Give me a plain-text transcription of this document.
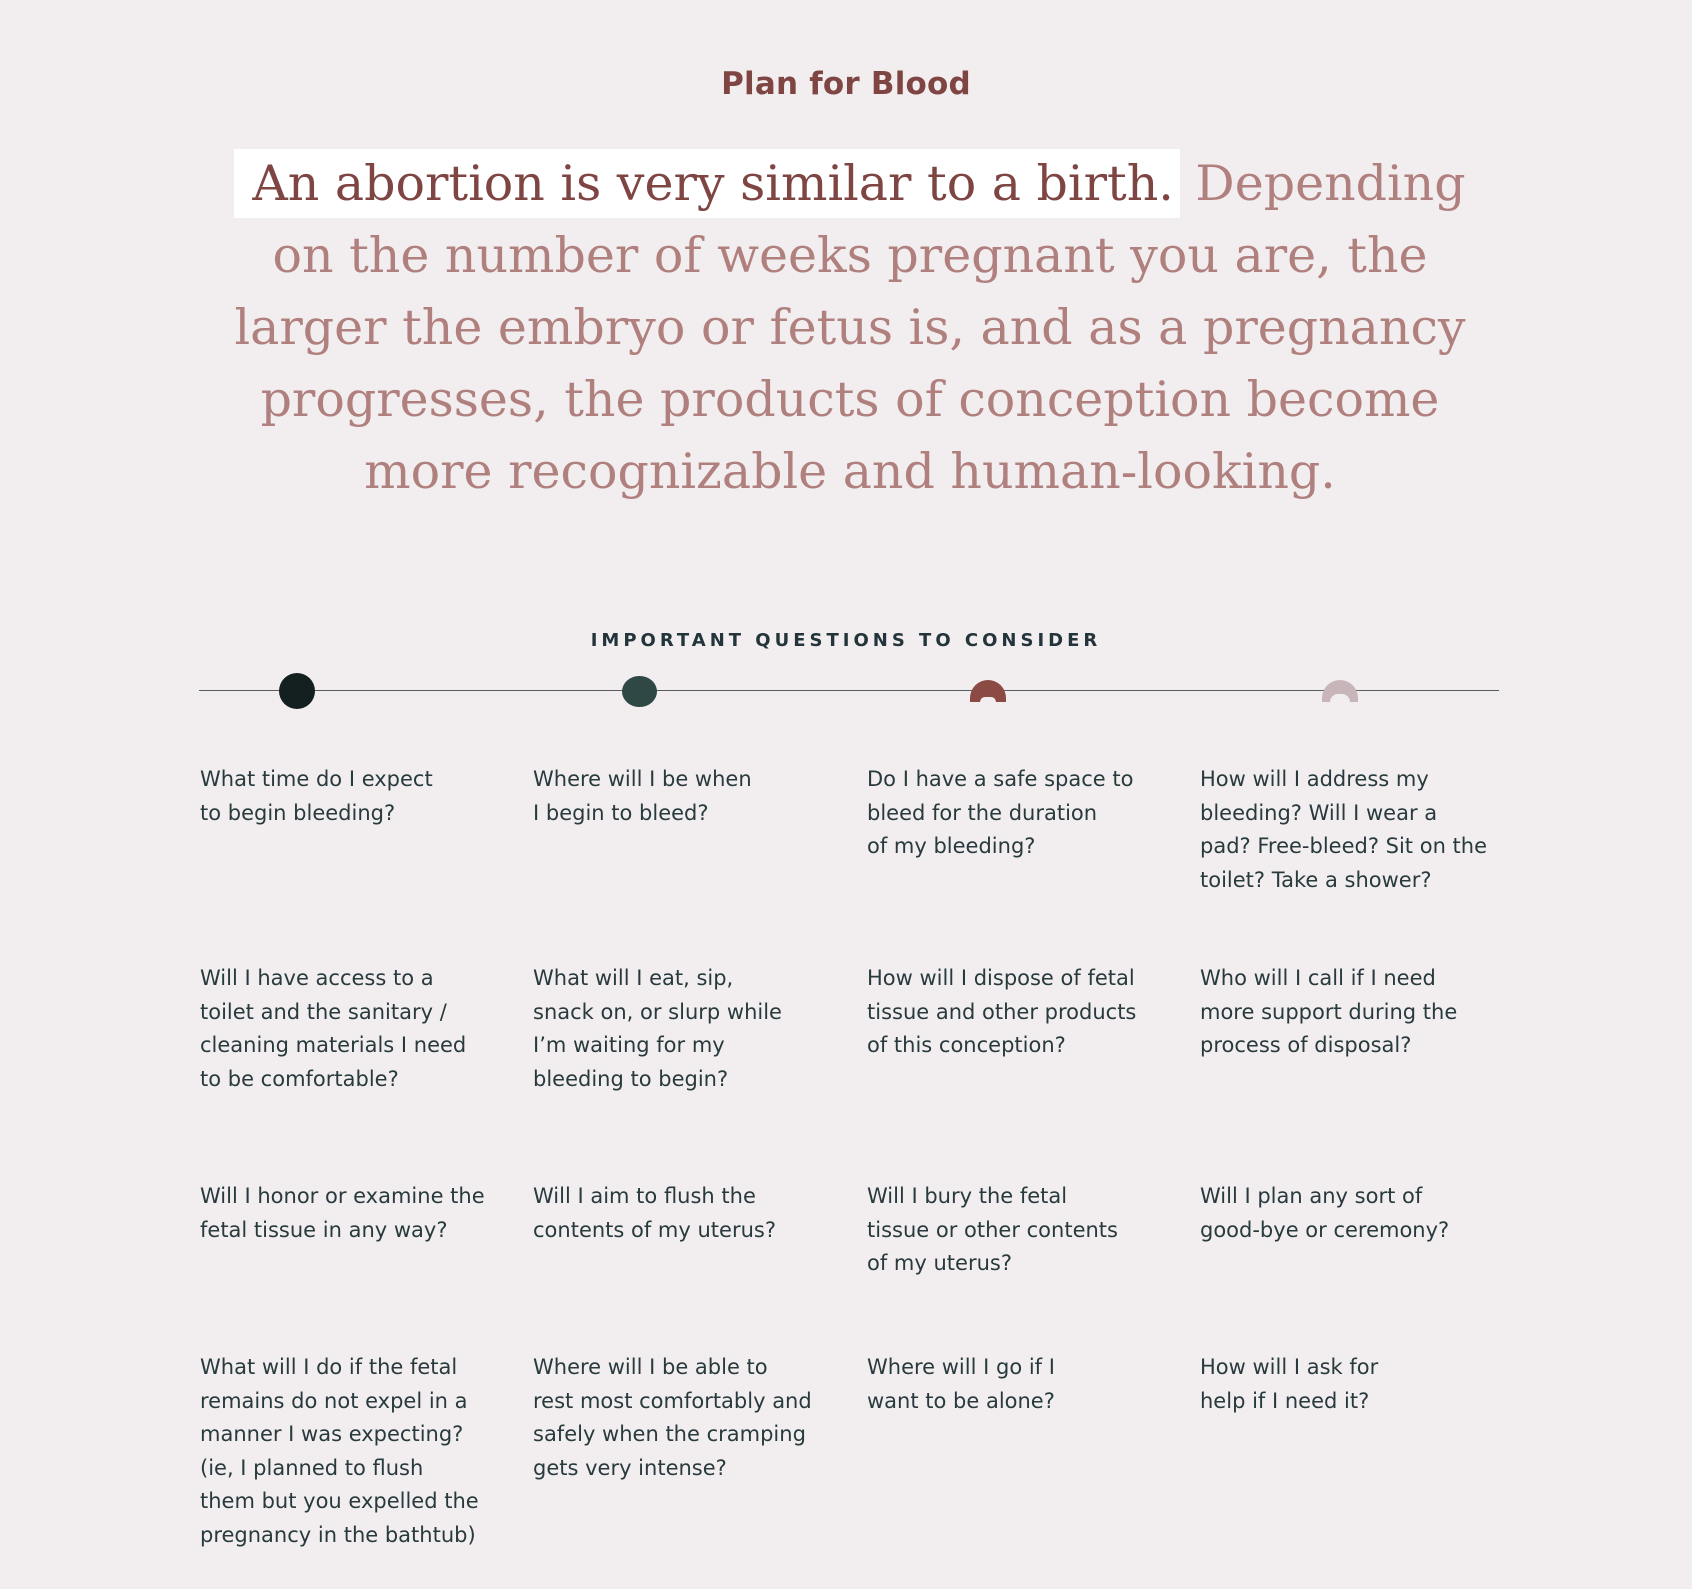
Plan for Blood

An abortion is very similar to a birth. Depending on the number of weeks pregnant you are, the larger the embryo or fetus is, and as a pregnancy progresses, the products of conception become more recognizable and human-looking.

IMPORTANT QUESTIONS TO CONSIDER

What time do I expect
to begin bleeding?

Where will I be when
I begin to bleed?

Do I have a safe space to
bleed for the duration
of my bleeding?

How will I address my
bleeding? Will I wear a
pad? Free-bleed? Sit on the
toilet? Take a shower?

Will I have access to a
toilet and the sanitary /
cleaning materials I need
to be comfortable?

What will I eat, sip,
snack on, or slurp while
I’m waiting for my
bleeding to begin?

How will I dispose of fetal
tissue and other products
of this conception?

Who will I call if I need
more support during the
process of disposal?

Will I honor or examine the
fetal tissue in any way?

Will I aim to flush the
contents of my uterus?

Will I bury the fetal
tissue or other contents
of my uterus?

Will I plan any sort of
good-bye or ceremony?

What will I do if the fetal
remains do not expel in a
manner I was expecting?
(ie, I planned to flush
them but you expelled the
pregnancy in the bathtub)

Where will I be able to
rest most comfortably and
safely when the cramping
gets very intense?

Where will I go if I
want to be alone?

How will I ask for
help if I need it?
